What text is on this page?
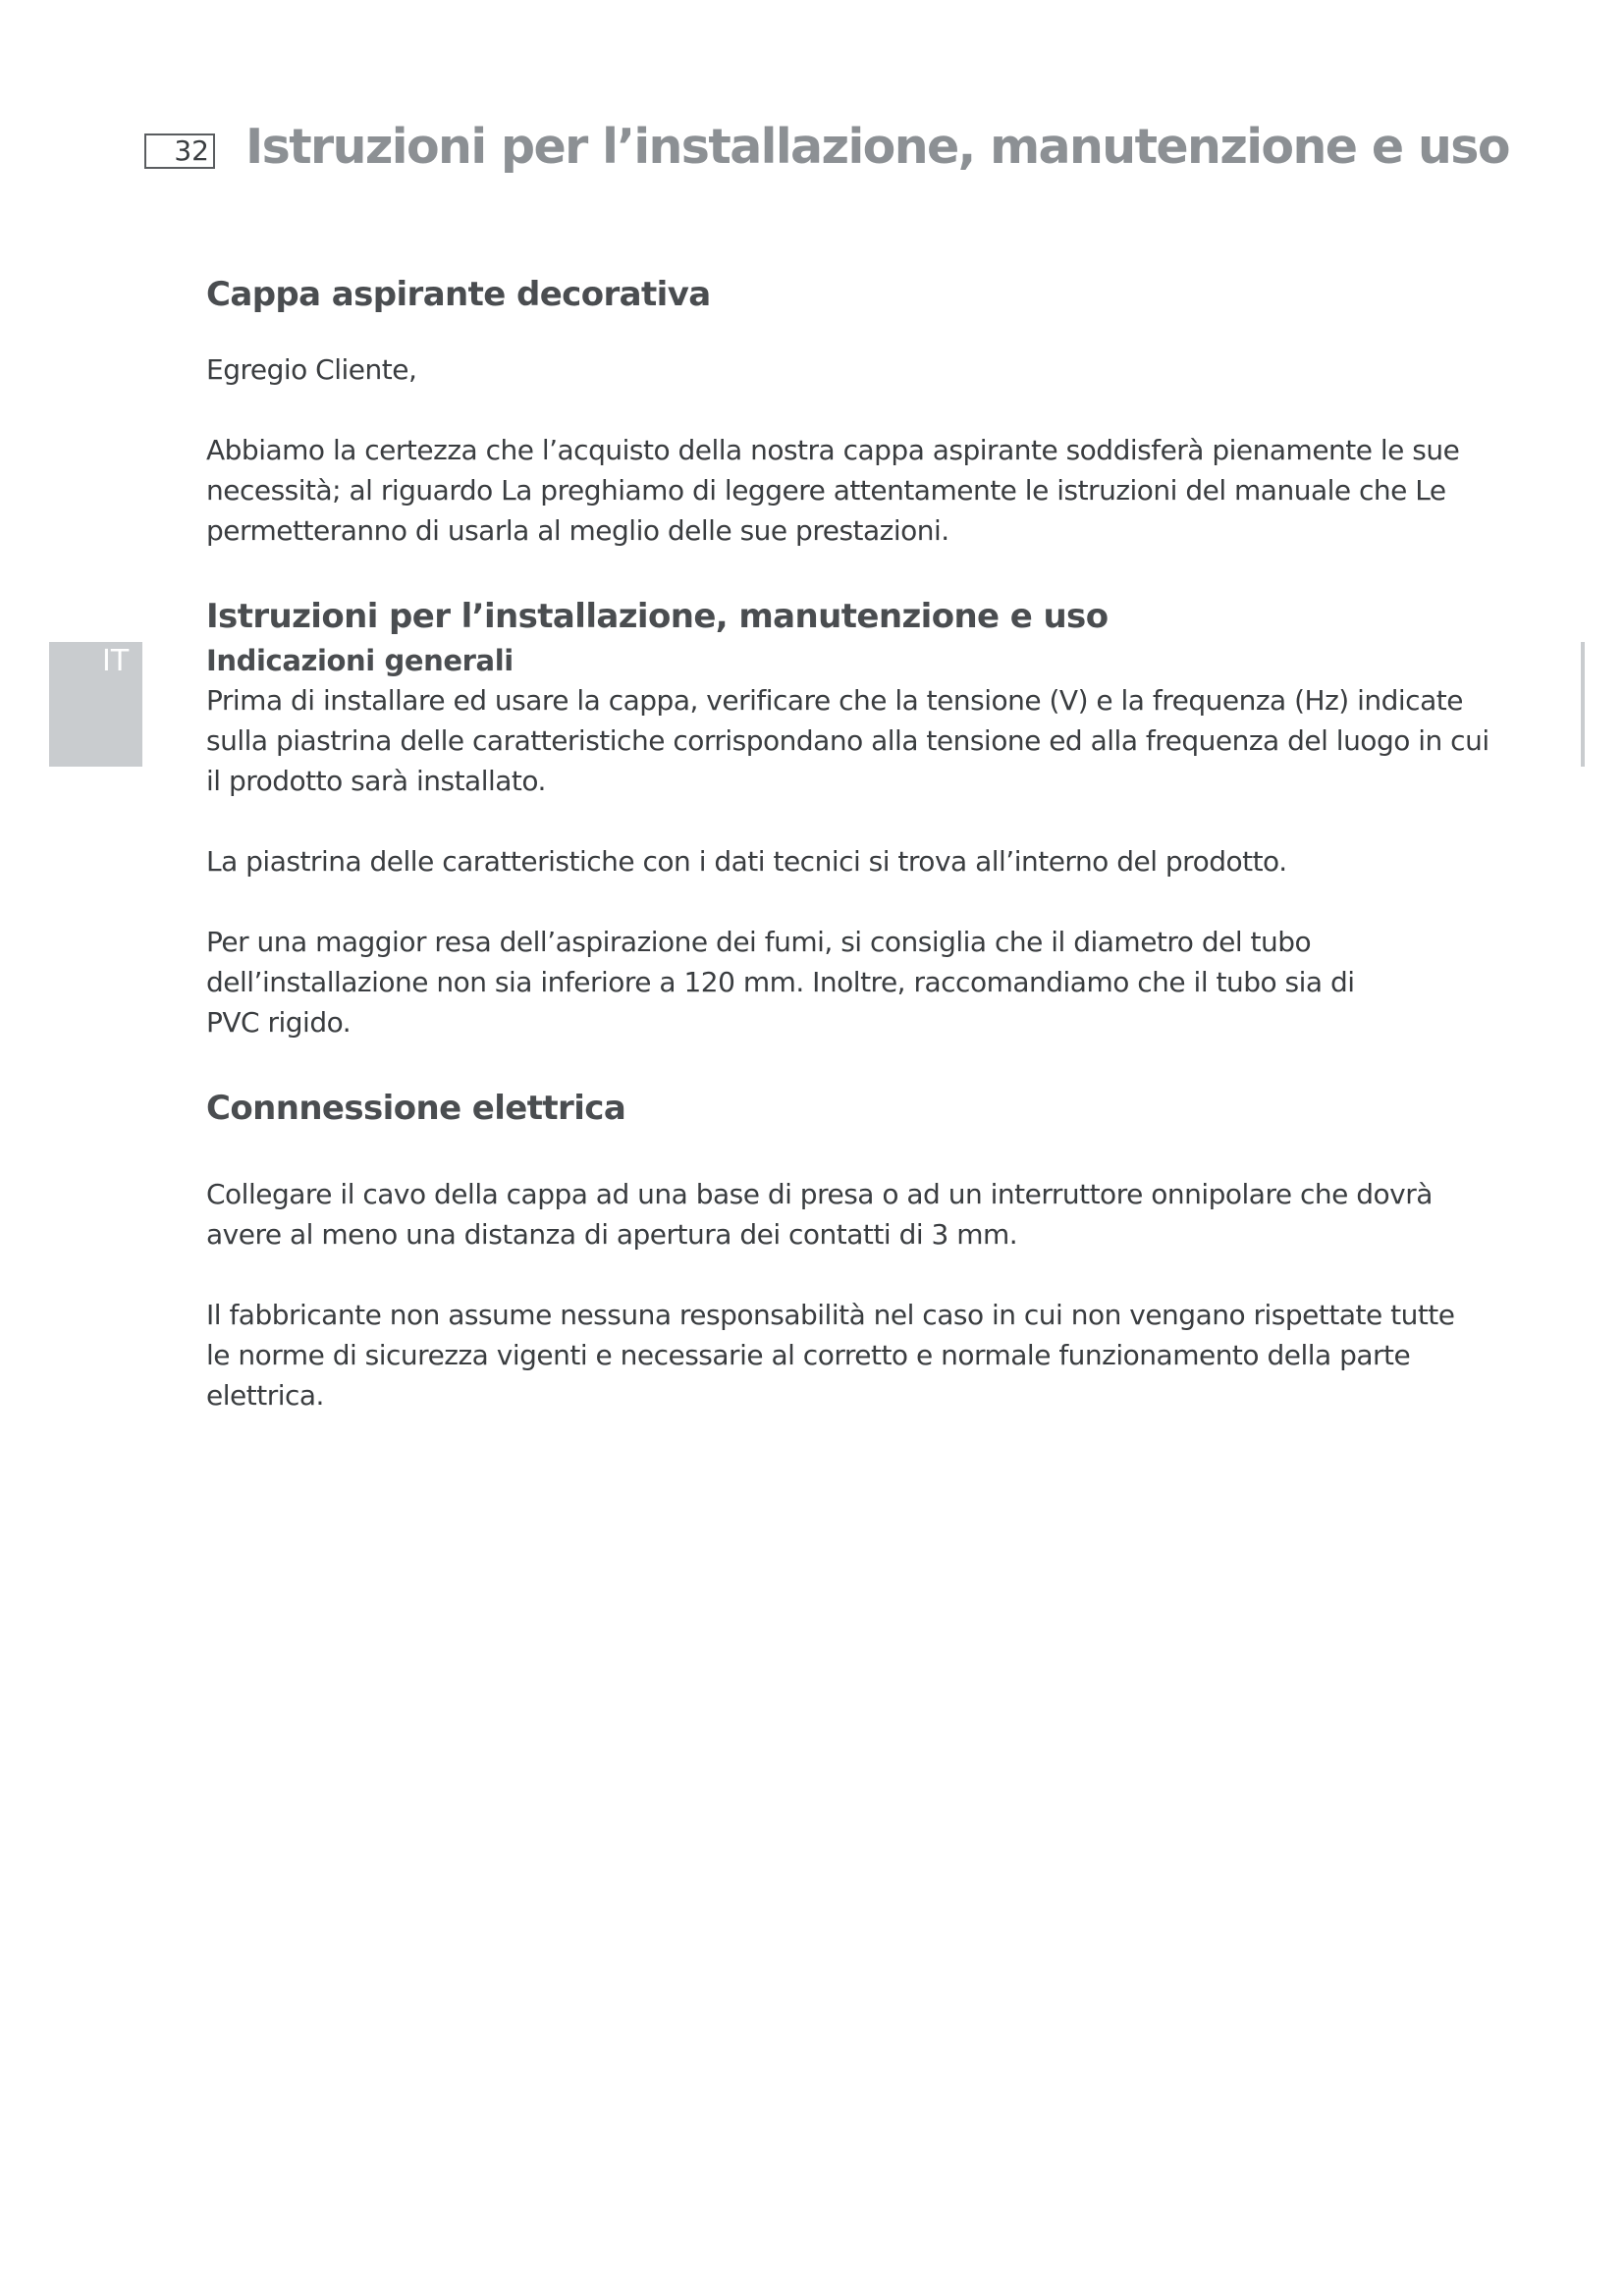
32 Istruzioni per l’installazione, manutenzione e uso
IT
Cappa aspirante decorativa

Egregio Cliente,

Abbiamo la certezza che l’acquisto della nostra cappa aspirante soddisferà pienamente le sue
necessità; al riguardo La preghiamo di leggere attentamente le istruzioni del manuale che Le
permetteranno di usarla al meglio delle sue prestazioni.

Istruzioni per l’installazione, manutenzione e uso
Indicazioni generali

Prima di installare ed usare la cappa, verificare che la tensione (V) e la frequenza (Hz) indicate
sulla piastrina delle caratteristiche corrispondano alla tensione ed alla frequenza del luogo in cui
il prodotto sarà installato.

La piastrina delle caratteristiche con i dati tecnici si trova all’interno del prodotto.

Per una maggior resa dell’aspirazione dei fumi, si consiglia che il diametro del tubo
dell’installazione non sia inferiore a 120 mm. Inoltre, raccomandiamo che il tubo sia di
PVC rigido.

Connnessione elettrica

Collegare il cavo della cappa ad una base di presa o ad un interruttore onnipolare che dovrà
avere al meno una distanza di apertura dei contatti di 3 mm.

Il fabbricante non assume nessuna responsabilità nel caso in cui non vengano rispettate tutte
le norme di sicurezza vigenti e necessarie al corretto e normale funzionamento della parte
elettrica.
